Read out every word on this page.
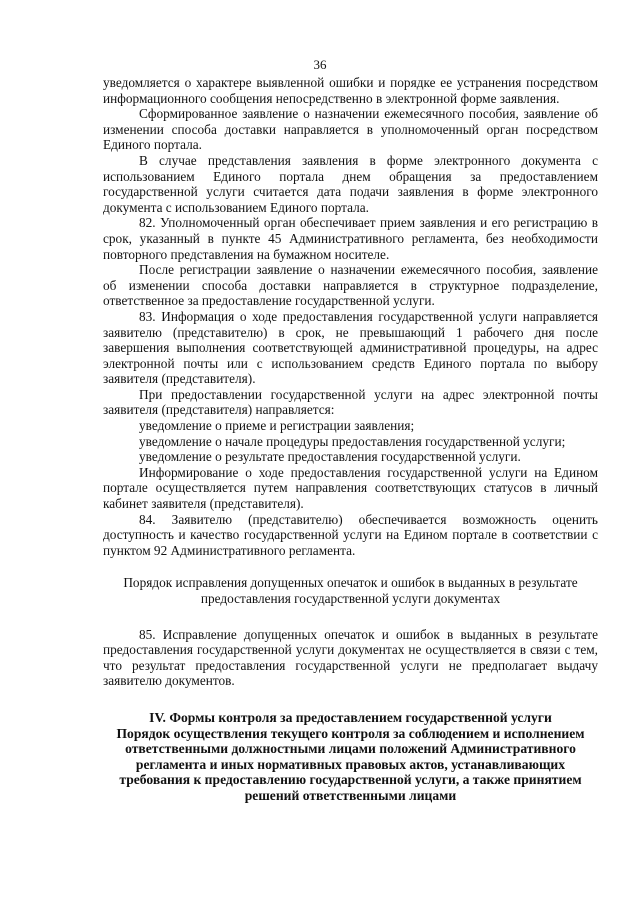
36

уведомляется о характере выявленной ошибки и порядке ее устранения посредством информационного сообщения непосредственно в электронной форме заявления.

Сформированное заявление о назначении ежемесячного пособия, заявление об изменении способа доставки направляется в уполномоченный орган посредством Единого портала.

В случае представления заявления в форме электронного документа с использованием Единого портала днем обращения за предоставлением государственной услуги считается дата подачи заявления в форме электронного документа с использованием Единого портала.

82. Уполномоченный орган обеспечивает прием заявления и его регистрацию в срок, указанный в пункте 45 Административного регламента, без необходимости повторного представления на бумажном носителе.

После регистрации заявление о назначении ежемесячного пособия, заявление об изменении способа доставки направляется в структурное подразделение, ответственное за предоставление государственной услуги.

83. Информация о ходе предоставления государственной услуги направляется заявителю (представителю) в срок, не превышающий 1 рабочего дня после завершения выполнения соответствующей административной процедуры, на адрес электронной почты или с использованием средств Единого портала по выбору заявителя (представителя).

При предоставлении государственной услуги на адрес электронной почты заявителя (представителя) направляется:

уведомление о приеме и регистрации заявления;

уведомление о начале процедуры предоставления государственной услуги;

уведомление о результате предоставления государственной услуги.

Информирование о ходе предоставления государственной услуги на Едином портале осуществляется путем направления соответствующих статусов в личный кабинет заявителя (представителя).

84. Заявителю (представителю) обеспечивается возможность оценить доступность и качество государственной услуги на Едином портале в соответствии с пунктом 92 Административного регламента.

Порядок исправления допущенных опечаток и ошибок в выданных в результате предоставления государственной услуги документах

85. Исправление допущенных опечаток и ошибок в выданных в результате предоставления государственной услуги документах не осуществляется в связи с тем, что результат предоставления государственной услуги не предполагает выдачу заявителю документов.

IV. Формы контроля за предоставлением государственной услуги
Порядок осуществления текущего контроля за соблюдением и исполнением ответственными должностными лицами положений Административного регламента и иных нормативных правовых актов, устанавливающих требования к предоставлению государственной услуги, а также принятием решений ответственными лицами
